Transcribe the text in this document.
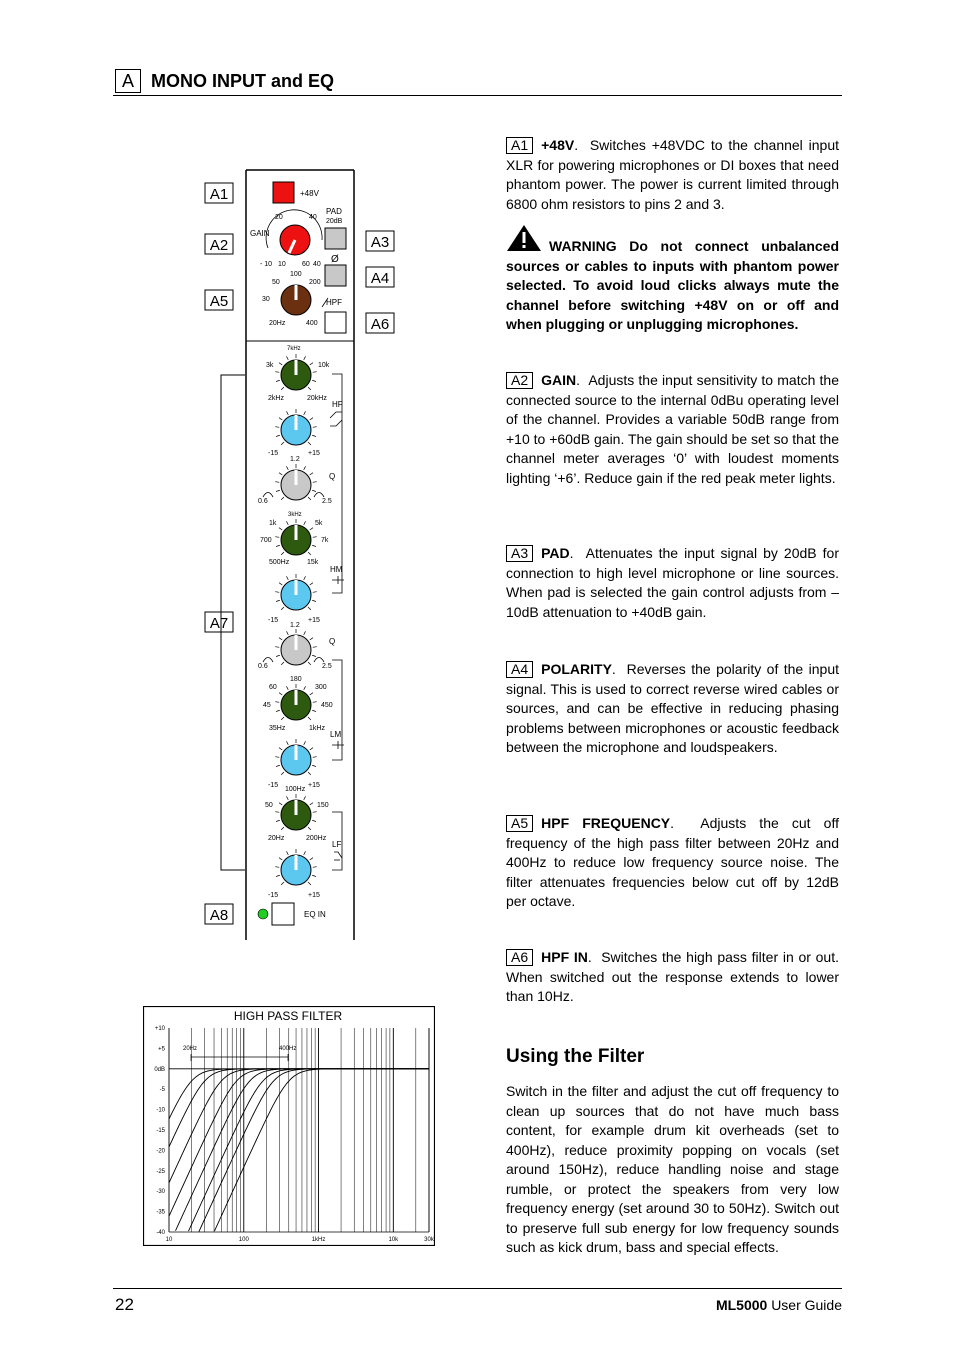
A MONO INPUT and EQ
A1
A2	A3
A4
A5
A6
A7
A8
+48V
PAD
20dB
Ø
HPF
GAIN
20	40
- 10 10 60 40
100
50	200
30
20Hz	400
7kHz
3k	10k
2kHz	20kHz
HF
-15	+15
1.2
Q
0.6	2.5
3kHz
1k	5k
700	7k
500Hz	15k
HM
-15	+15
1.2
Q
0.6	2.5
180
60	300
45	450
35Hz	1kHz
LM
-15	+15
100Hz
50	150
20Hz	200Hz
LF
-15	+15
EQ IN
HIGH PASS FILTER
+10
+5
0dB
-5
-10
-15
-20
-25
-30
-35
-40
10	100	1kHz	10k	30k
20Hz	400Hz
A1 +48V.  Switches +48VDC to the channel input XLR for powering microphones or DI boxes that need phantom power. The power is current limited through 6800 ohm resistors to pins 2 and 3.
WARNING Do not connect unbalanced sources or cables to inputs with phantom power selected. To avoid loud clicks always mute the channel before switching +48V on or off and when plugging or unplugging microphones.
A2 GAIN.  Adjusts the input sensitivity to match the connected source to the internal 0dBu operating level of the channel. Provides a variable 50dB range from +10 to +60dB gain. The gain should be set so that the channel meter averages ‘0’ with loudest moments lighting ‘+6’. Reduce gain if the red peak meter lights.
A3 PAD.  Attenuates the input signal by 20dB for connection to high level microphone or line sources. When pad is selected the gain control adjusts from –10dB attenuation to +40dB gain.
A4 POLARITY.  Reverses the polarity of the input signal. This is used to correct reverse wired cables or sources, and can be effective in reducing phasing problems between microphones or acoustic feedback between the microphone and loudspeakers.
A5 HPF FREQUENCY.  Adjusts the cut off frequency of the high pass filter between 20Hz and 400Hz to reduce low frequency source noise. The filter attenuates frequencies below cut off by 12dB per octave.
A6 HPF IN.  Switches the high pass filter in or out. When switched out the response extends to lower than 10Hz.
Using the Filter
Switch in the filter and adjust the cut off frequency to clean up sources that do not have much bass content, for example drum kit overheads (set to 400Hz), reduce proximity popping on vocals (set around 150Hz), reduce handling noise and stage rumble, or protect the speakers from very low frequency energy (set around 30 to 50Hz). Switch out to preserve full sub energy for low frequency sounds such as kick drum, bass and special effects.
22	ML5000 User Guide
